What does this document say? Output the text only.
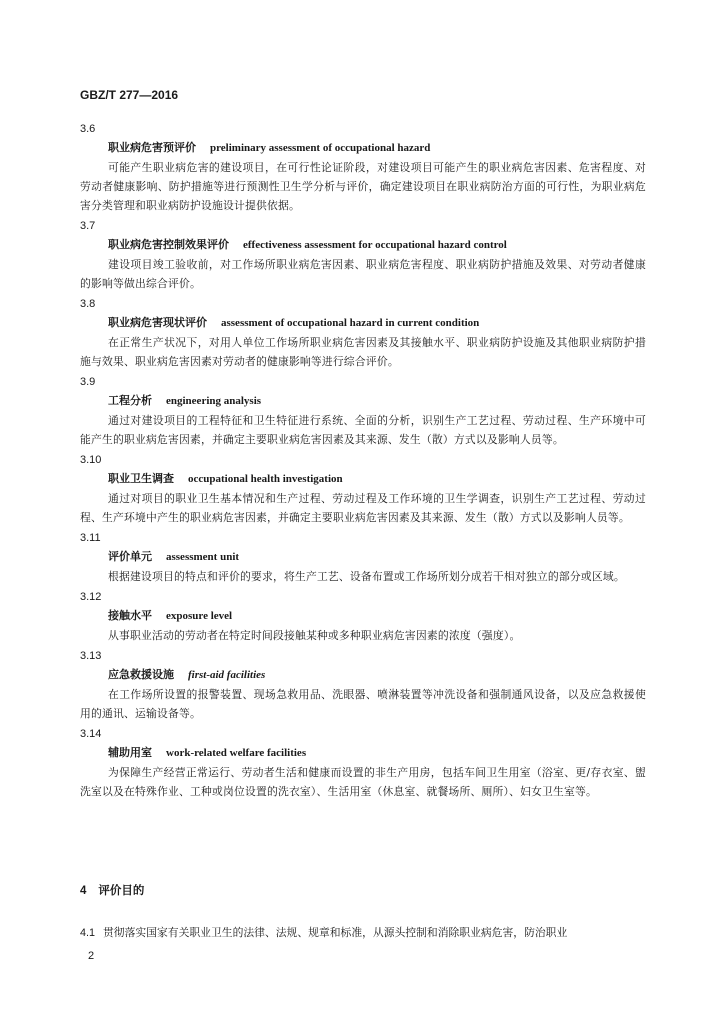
GBZ/T 277—2016
3.6
职业病危害预评价 preliminary assessment of occupational hazard

可能产生职业病危害的建设项目，在可行性论证阶段，对建设项目可能产生的职业病危害因素、危害程度、对劳动者健康影响、防护措施等进行预测性卫生学分析与评价，确定建设项目在职业病防治方面的可行性，为职业病危害分类管理和职业病防护设施设计提供依据。

3.7
职业病危害控制效果评价 effectiveness assessment for occupational hazard control

建设项目竣工验收前，对工作场所职业病危害因素、职业病危害程度、职业病防护措施及效果、对劳动者健康的影响等做出综合评价。

3.8
职业病危害现状评价 assessment of occupational hazard in current condition

在正常生产状况下，对用人单位工作场所职业病危害因素及其接触水平、职业病防护设施及其他职业病防护措施与效果、职业病危害因素对劳动者的健康影响等进行综合评价。

3.9
工程分析 engineering analysis

通过对建设项目的工程特征和卫生特征进行系统、全面的分析，识别生产工艺过程、劳动过程、生产环境中可能产生的职业病危害因素，并确定主要职业病危害因素及其来源、发生（散）方式以及影响人员等。

3.10
职业卫生调查 occupational health investigation

通过对项目的职业卫生基本情况和生产过程、劳动过程及工作环境的卫生学调查，识别生产工艺过程、劳动过程、生产环境中产生的职业病危害因素，并确定主要职业病危害因素及其来源、发生（散）方式以及影响人员等。

3.11
评价单元 assessment unit

根据建设项目的特点和评价的要求，将生产工艺、设备布置或工作场所划分成若干相对独立的部分或区域。

3.12
接触水平 exposure level

从事职业活动的劳动者在特定时间段接触某种或多种职业病危害因素的浓度（强度）。

3.13
应急救援设施 first-aid facilities

在工作场所设置的报警装置、现场急救用品、洗眼器、喷淋装置等冲洗设备和强制通风设备，以及应急救援使用的通讯、运输设备等。

3.14
辅助用室 work-related welfare facilities

为保障生产经营正常运行、劳动者生活和健康而设置的非生产用房，包括车间卫生用室（浴室、更/存衣室、盥洗室以及在特殊作业、工种或岗位设置的洗衣室）、生活用室（休息室、就餐场所、厕所）、妇女卫生室等。

4 评价目的
4.1 贯彻落实国家有关职业卫生的法律、法规、规章和标准，从源头控制和消除职业病危害，防治职业
2
